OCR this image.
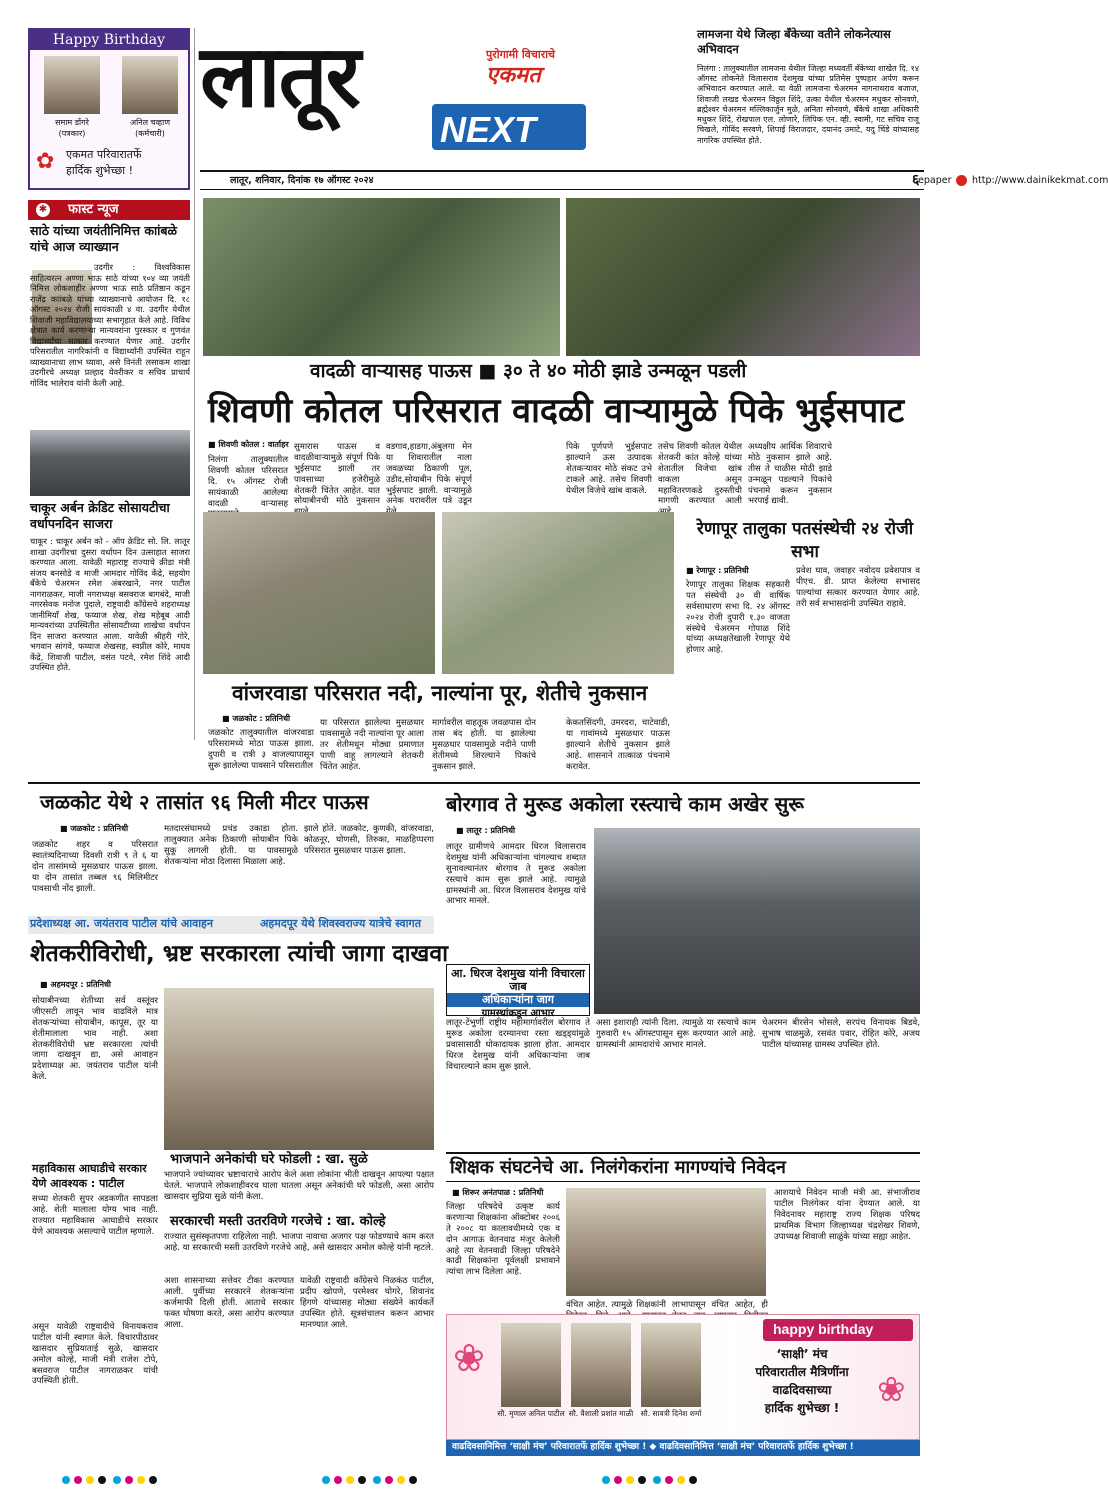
Happy Birthday
समाम डोंगरे
(पत्रकार)
अनिल चव्हाण
(कर्मचारी)
✿ एकमत परिवारातर्फे
हार्दिक शुभेच्छा !
✱ फास्ट न्यूज
साठे यांच्या जयंतीनिमित्त काांबळे यांचे आज व्याख्यान
उदगीर : विश्वविकास साहित्यरत्न अण्णा भाऊ साठे यांच्या १०४ व्या जयंती निमित्त लोकशाहीर अण्णा भाऊ साठे प्रतिष्ठान कडून राजेंद्र काांबळे यांच्या व्याख्यानाचे आयोजन दि. १८ ऑगस्ट २०२४ रोजी सायंकाळी ४ वा. उदगीर येथील शिवाजी महाविद्यालयाच्या सभागृहात केले आहे. विविध क्षेत्रात कार्य करणाऱ्या मान्यवरांना पुरस्कार व गुणवंत विद्यार्थ्यांचा सत्कार करण्यात येणार आहे. उदगीर परिसरातील नागरिकांनी व विद्यार्थ्यांनी उपस्थित राहून व्याख्यानाचा लाभ घ्यावा, असे विनंती लसाकम शाखा उदगीरचे अध्यक्ष प्रल्हाद येवरीकर व सचिव प्राचार्य गोविंद भालेराव यांनी केली आहे.
चाकूर अर्बन क्रेडिट सोसायटीचा वर्धापनदिन साजरा
चाकूर : चाकूर अर्बन को - ऑप क्रेडिट सो. लि. लातूर शाखा उदगीरचा दुसरा वर्धापन दिन उत्साहात साजरा करण्यात आला. यावेळी महाराष्ट्र राज्याचे क्रीडा मंत्री संजय बनसोडे व माजी आमदार गोविंद केंद्रे, सहयोग बँकेचे चेअरमन रमेश अंबरखाने, नगर पाटील नागराळकर, माजी नगराध्यक्ष बसवराज बागबंदे, माजी नगरसेवक मनोज पुदाले, राष्ट्रवादी काँग्रेसचे शहराध्यक्ष जानीमियाँ शेख, फय्याज शेख, शेख महेबूब आदी मान्यवरांच्या उपस्थितीत सोसायटीच्या शाखेचा वर्धापन दिन साजरा करण्यात आला. यावेळी श्रीहरी गोरे, भगवान सांगवे, फय्याज शेखसह, स्वप्नील कोरे, माधव केंद्रे, शिवाजी पाटील, वसंत पटवे, रमेश शिंदे आदी उपस्थित होते.
लातूर	पुरोगामी विचाराचे
एकमत
NEXT
लातूर, शनिवार, दिनांक १७ ऑगस्ट २०२४	epaper http://www.dainikekmat.com
६
लामजना येथे जिल्हा बँकेच्या वतीने लोकनेत्यास अभिवादन
निलंगा : तालुक्यातील लामजना येथील जिल्हा मध्यवर्ती बँकेच्या शाखेत दि. १४ ऑगस्ट लोकनेते विलासराव देशमुख यांच्या प्रतिमेस पुष्पहार अर्पण करून अभिवादन करण्यात आले. या वेळी लामजना चेअरमन नागनाथराव बजाज, शिवाजी लखड चेअरमन विठ्ठल शिंदे, उत्का येथील चेअरमन मधुकर सोनवणे, ब्रह्मेश्वर चेअरमन मल्लिकार्जुन मुळे, अनिता सोनवणे, बँकेचे शाखा अधिकारी मधुकर शिंदे, रोखपाल एल. लोणारे, लिपिक एन. व्ही. स्वामी, गट सचिव राजू चिखले, गोविंद सरवणे, शिपाई विराजदार, दयानंद उमाटे, यदु चिंडे यांच्यासह नागरिक उपस्थित होते.
वादळी वाऱ्यासह पाऊस ■ ३० ते ४० मोठी झाडे उन्मळून पडली
शिवणी कोतल परिसरात वादळी वाऱ्यामुळे पिके भुईसपाट
■ शिवणी कोतल : वार्ताहर
निलंगा तालुक्यातील शिवणी कोतल परिसरात दि. १५ ऑगस्ट रोजी सायंकाळी आलेल्या वादळी वाऱ्यासह
सुमारास पाऊस व वादळीवाऱ्यामुळे संपूर्ण पिके भुईसपाट झाली तर पावसाच्या हजेरीमुळे शेतकरी चिंतेत आहेत. यात सोयाबीनची मोठे नुकसान
वडगाव,हाडगा,अंबुलगा मेन या शिवारातील नाला जवळच्या ठिकाणी पूल, उडीद,सोयाबीन पिके संपूर्ण भुईसपाट झाली. वाऱ्यामुळे अनेक घरावरील पत्रे उडून
पिके पूर्णपणे भुईसपाट झाल्याने ऊस उत्पादक शेतकऱ्यावर मोठे संकट उभे टाकले आहे. तसेच शिवणी येथील विजेचे खांब वाकले.
तसेच शिवणी कोतल येथील शेतकरी कांत कोल्हे यांच्या शेतातील विजेचा खांब वाकला असून महावितरणकडे दुरुस्तीची मागणी करण्यात आली
अध्यक्षीय आर्थिक शिवाराचे मोठे नुकसान झाले आहे. तीस ते चाळीस मोठी झाडे उन्मळून पडल्याने पिकांचे पंचनामे करून नुकसान भरपाई द्यावी.
वांजरवाडा परिसरात नदी, नाल्यांना पूर, शेतीचे नुकसान
■ जळकोट : प्रतिनिधी
जळकोट तालुक्यातील वांजरवाडा परिसरामध्ये मोठा पाऊस झाला. दुपारी व रात्री ३ वाजल्यापासून सुरू झालेल्या पावसाने परिसरातील
या परिसरात झालेल्या मुसळधार पावसामुळे नदी नाल्यांना पूर आला तर शेतीमधून मोठ्या प्रमाणात पाणी वाहू लागल्याने शेतकरी चिंतेत आहेत.
मार्गावरील वाहतूक जवळपास दोन तास बंद होती. या झालेल्या मुसळधार पावसामुळे नदीने पाणी शेतीमध्ये शिरल्याने पिकांचे नुकसान झाले.
केकतसिंदगी, उमरदरा, चाटेवाडी, या गावांमध्ये मुसळधार पाऊस झाल्याने शेतीचे नुकसान झाले आहे. शासनाने तात्काळ पंचनामे करावेत.
रेणापूर तालुका पतसंस्थेची २४ रोजी सभा
■ रेणापूर : प्रतिनिधी
रेणापूर तालुका शिक्षक सहकारी पत संस्थेची ३० वी वार्षिक सर्वसाधारण सभा दि. २४ ऑगस्ट २०२४ रोजी दुपारी १.३० वाजता संस्थेचे चेअरमन गोपाळ शिंदे यांच्या अध्यक्षतेखाली रेणापूर येथे होणार आहे.
प्रवेश घाव, जवाहर नवोदय प्रवेशपात्र व पीएच. डी. प्राप्त केलेल्या सभासद पाल्यांचा सत्कार करण्यात येणार आहे. तरी सर्व सभासदांनी उपस्थित राहावे.
जळकोट येथे २ तासांत ९६ मिली मीटर पाऊस
■ जळकोट : प्रतिनिधी
जळकोट शहर व परिसरात स्वातंत्र्यदिनाच्या दिवशी रात्री ९ ते ६ या दोन तासांमध्ये मुसळधार पाऊस झाला. या दोन तासांत तब्बल ९६ मिलिमीटर पावसाची नोंद झाली.
मतदारसंघामध्ये प्रचंड उकाडा होता. तालुक्यात अनेक ठिकाणी सोयाबीन पिके सुकू लागली होती. या पावसामुळे शेतकऱ्यांना मोठा दिलासा मिळाला आहे.
झाले होते. जळकोट, कुणकी, वांजरवाडा, कोळनूर, घोणसी, तिरुका, माळहिप्परगा परिसरात मुसळधार पाऊस झाला.
बोरगाव ते मुरूड अकोला रस्त्याचे काम अखेर सुरू
■ लातूर : प्रतिनिधी
लातूर ग्रामीणचे आमदार धिरज विलासराव देशमुख यांनी अधिकाऱ्यांना चांगल्याच शब्दात सुनावल्यानंतर बोरगाव ते मुरूड अकोला रस्त्याचे काम सुरू झाले आहे. त्यामुळे ग्रामस्थांनी आ. धिरज विलासराव देशमुख यांचे आभार मानले.
आ. धिरज देशमुख यांनी विचारला जाब
अधिकाऱ्यांना जाग
ग्रामस्थांकडून आभार
लातूर-टेंभुर्णी राष्ट्रीय महामार्गावरील बोरगाव ते मुरूड अकोला दरम्यानचा रस्ता खड्ड्यांमुळे प्रवासासाठी धोकादायक झाला होता. आमदार धिरज देशमुख यांनी अधिकाऱ्यांना जाब विचारल्याने काम सुरू झाले.
असा इशाराही त्यांनी दिला. त्यामुळे या रस्त्याचे काम गुरुवारी १५ ऑगस्टपासून सुरू करण्यात आले आहे. ग्रामस्थांनी आमदारांचे आभार मानले.
चेअरमन बीरसेन भोसले, सरपंच विनायक बिडवे, सुभाष चाळमुळे, रसवंत पवार, रोहित कोरे, अजय पाटील यांच्यासह ग्रामस्थ उपस्थित होते.
प्रदेशाध्यक्ष आ. जयंतराव पाटील यांचे आवाहन	अहमदपूर येथे शिवस्वराज्य यात्रेचे स्वागत
शेतकरीविरोधी, भ्रष्ट सरकारला त्यांची जागा दाखवा
■ अहमदपूर : प्रतिनिधी
सोयाबीनच्या शेतीच्या सर्व वस्तूंवर जीएसटी लावून भाव वाढविले मात्र शेतकऱ्यांच्या सोयाबीन, कापूस, तूर या शेतीमालाला भाव नाही. अशा शेतकरीविरोधी भ्रष्ट सरकारला त्यांची जागा दाखवून द्या, असे आवाहन प्रदेशाध्यक्ष आ. जयंतराव पाटील यांनी केले.
भाजपाने अनेकांची घरे फोडली : खा. सुळे
भाजपाने ज्यांच्यावर भ्रष्टाचाराचे आरोप केले अशा लोकांना भीती दाखवून आपल्या पक्षात घेतले. भाजपाने लोकशाहीवरच घाला घातला असून अनेकांची घरे फोडली, असा आरोप खासदार सुप्रिया सुळे यांनी केला.
महाविकास आघाडीचे सरकार येणे आवश्यक : पाटील
सध्या शेतकरी सुपर अडकणीत सापडला आहे. शेती मालाला योग्य भाव नाही. राज्यात महाविकास आघाडीचे सरकार येणे आवश्यक असल्याचे पाटील म्हणाले.
सरकारची मस्ती उतरविणे गरजेचे : खा. कोल्हे
राज्यात सुसंस्कृतपणा राहिलेला नाही. भाजपा नावाचा अजगर पक्ष फोडण्याचे काम करत आहे. या सरकारची मस्ती उतरविणे गरजेचे आहे, असे खासदार अमोल कोल्हे यांनी म्हटले.
असून यावेळी राष्ट्रवादीचे विनायकराव पाटील यांनी स्वागत केले. विचारपीठावर खासदार सुप्रियाताई सुळे, खासदार अमोल कोल्हे, माजी मंत्री राजेश टोपे, बसवराज पाटील नागराळकर यांची उपस्थिती होती.
अशा शासनाच्या सत्तेवर टीका करण्यात आली. पुर्वीच्या सरकारने शेतकऱ्यांना कर्जमाफी दिली होती. आताचे सरकार फक्त घोषणा करते, असा आरोप करण्यात आला.
यावेळी राष्ट्रवादी काँग्रेसचे निळकंठ पाटील, प्रदीप खोपणे, परमेश्वर घोगरे, शिवानंद हिंगणे यांच्यासह मोठ्या संख्येने कार्यकर्ते उपस्थित होते. सूत्रसंचालन करून आभार मानण्यात आले.
शिक्षक संघटनेचे आ. निलंगेकरांना मागण्यांचे निवेदन
■ शिरूर अनंतपाळ : प्रतिनिधी
जिल्हा परिषदेचे उत्कृष्ट कार्य करणाऱ्या शिक्षकांना ऑक्टोबर २००६ ते २००८ या कालावधीमध्ये एक व दोन आगाऊ वेतनवाढ मंजूर केलेली आहे त्या वेतनवाढी जिल्हा परिषदेने काढी शिक्षकांना पूर्वलक्षी प्रभावाने त्यांचा लाभ दिलेला आहे.
वंचित आहेत. त्यामुळे शिक्षकांनी लाभापासून वंचित आहेत, ही
आशयाचे निवेदन माजी मंत्री आ. संभाजीराव पाटील निलंगेकर यांना देण्यात आले. या निवेदनावर महाराष्ट्र राज्य शिक्षक परिषद प्राथमिक विभाग जिल्हाध्यक्ष चंद्रशेखर शिवणे, उपाध्यक्ष शिवाजी साळुंके यांच्या सह्या आहेत.
happy birthday
❀
सौ. मृणाल अनिल पाटील सौ. वैशाली प्रशांत माळी	सौ. सावत्री दिनेश शर्मा
‘साक्षी’ मंच
परिवारातील मैत्रिणींना
वाढदिवसाच्या
हार्दिक शुभेच्छा !	❀
वाढदिवसानिमित्त ‘साक्षी मंच’ परिवारातर्फे हार्दिक शुभेच्छा ! ◆ वाढदिवसानिमित्त ‘साक्षी मंच’ परिवारातर्फे हार्दिक शुभेच्छा !
